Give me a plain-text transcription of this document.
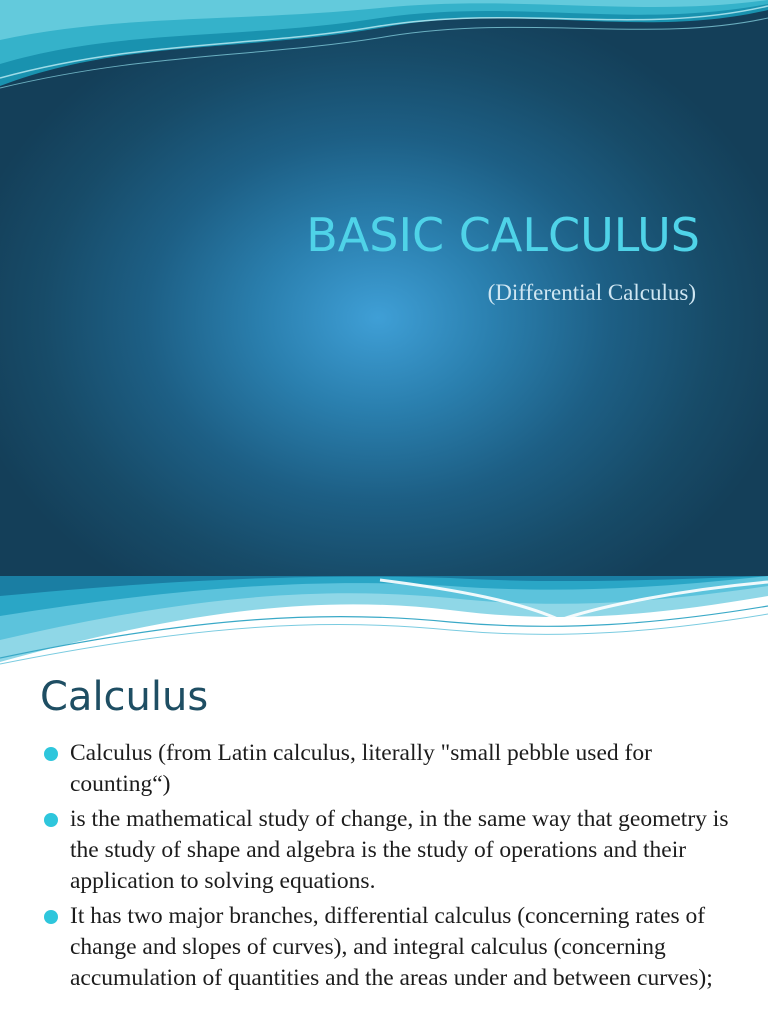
BASIC CALCULUS
(Differential Calculus)
Calculus
Calculus (from Latin calculus, literally "small pebble used for counting“)
is the mathematical study of change, in the same way that geometry is the study of shape and algebra is the study of operations and their application to solving equations.
It has two major branches, differential calculus (concerning rates of change and slopes of curves), and integral calculus (concerning accumulation of quantities and the areas under and between curves);
